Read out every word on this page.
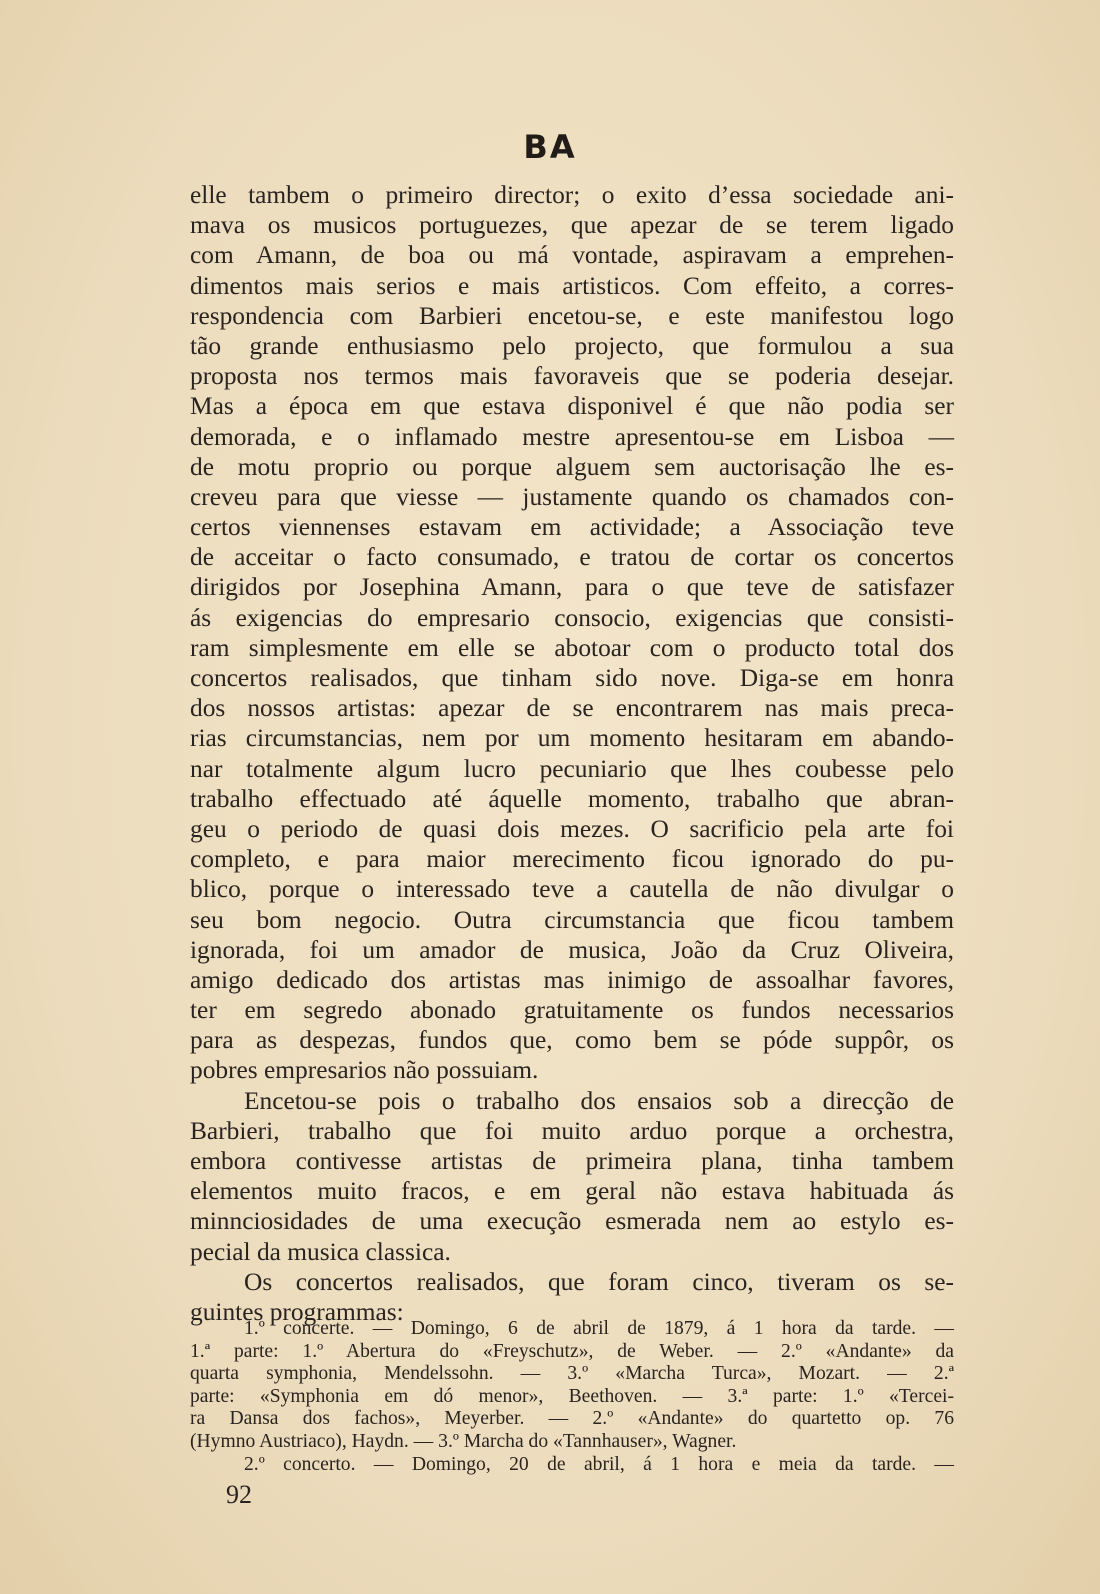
BA
elle tambem o primeiro director; o exito d’essa sociedade ani-
mava os musicos portuguezes, que apezar de se terem ligado
com Amann, de boa ou má vontade, aspiravam a emprehen-
dimentos mais serios e mais artisticos. Com effeito, a corres-
respondencia com Barbieri encetou-se, e este manifestou logo
tão grande enthusiasmo pelo projecto, que formulou a sua
proposta nos termos mais favoraveis que se poderia desejar.
Mas a época em que estava disponivel é que não podia ser
demorada, e o inflamado mestre apresentou-se em Lisboa —
de motu proprio ou porque alguem sem auctorisação lhe es-
creveu para que viesse — justamente quando os chamados con-
certos viennenses estavam em actividade; a Associação teve
de acceitar o facto consumado, e tratou de cortar os concertos
dirigidos por Josephina Amann, para o que teve de satisfazer
ás exigencias do empresario consocio, exigencias que consisti-
ram simplesmente em elle se abotoar com o producto total dos
concertos realisados, que tinham sido nove. Diga-se em honra
dos nossos artistas: apezar de se encontrarem nas mais preca-
rias circumstancias, nem por um momento hesitaram em abando-
nar totalmente algum lucro pecuniario que lhes coubesse pelo
trabalho effectuado até áquelle momento, trabalho que abran-
geu o periodo de quasi dois mezes. O sacrificio pela arte foi
completo, e para maior merecimento ficou ignorado do pu-
blico, porque o interessado teve a cautella de não divulgar o
seu bom negocio. Outra circumstancia que ficou tambem
ignorada, foi um amador de musica, João da Cruz Oliveira,
amigo dedicado dos artistas mas inimigo de assoalhar favores,
ter em segredo abonado gratuitamente os fundos necessarios
para as despezas, fundos que, como bem se póde suppôr, os
pobres empresarios não possuiam.
Encetou-se pois o trabalho dos ensaios sob a direcção de
Barbieri, trabalho que foi muito arduo porque a orchestra,
embora contivesse artistas de primeira plana, tinha tambem
elementos muito fracos, e em geral não estava habituada ás
minnciosidades de uma execução esmerada nem ao estylo es-
pecial da musica classica.
Os concertos realisados, que foram cinco, tiveram os se-
guintes programmas:
1.º concerte. — Domingo, 6 de abril de 1879, á 1 hora da tarde. —
1.ª parte: 1.º Abertura do «Freyschutz», de Weber. — 2.º «Andante» da
quarta symphonia, Mendelssohn. — 3.º «Marcha Turca», Mozart. — 2.ª
parte: «Symphonia em dó menor», Beethoven. — 3.ª parte: 1.º «Tercei-
ra Dansa dos fachos», Meyerber. — 2.º «Andante» do quartetto op. 76
(Hymno Austriaco), Haydn. — 3.º Marcha do «Tannhauser», Wagner.
2.º concerto. — Domingo, 20 de abril, á 1 hora e meia da tarde. —
92
